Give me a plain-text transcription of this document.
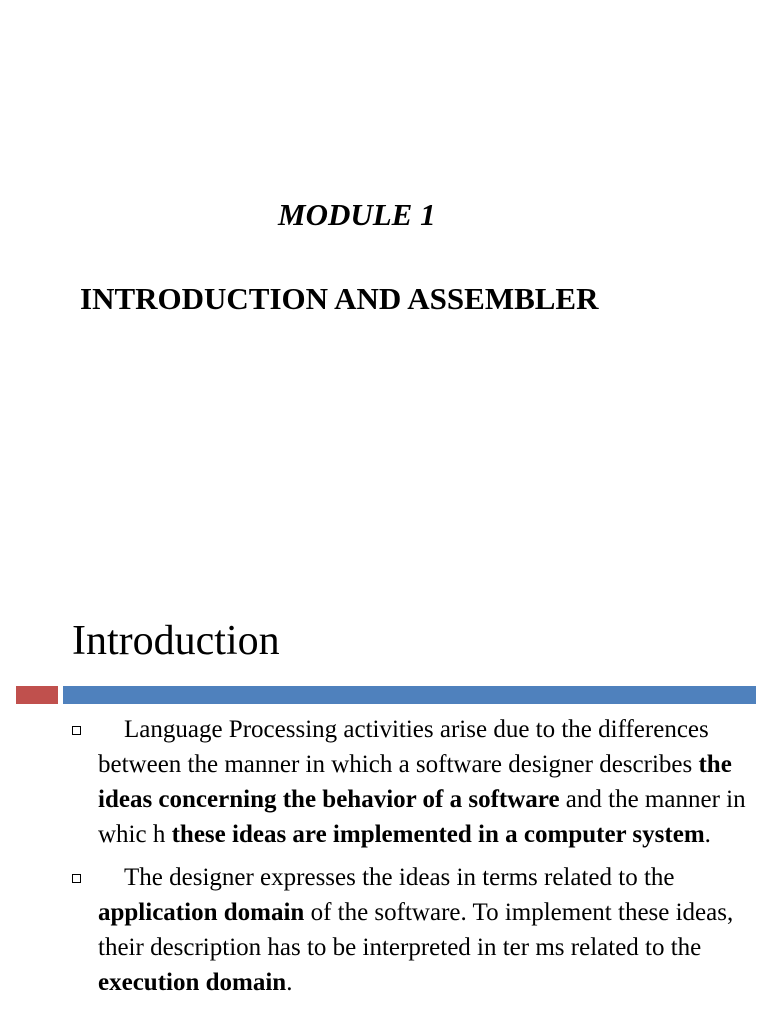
MODULE 1
INTRODUCTION AND ASSEMBLER
Introduction
Language Processing activities arise due to the differences between the manner in which a software designer describes the ideas concerning the behavior of a software and the manner in whic h these ideas are implemented in a computer system.
The designer expresses the ideas in terms related to the application domain of the software. To implement these ideas, their description has to be interpreted in ter ms related to the execution domain.
